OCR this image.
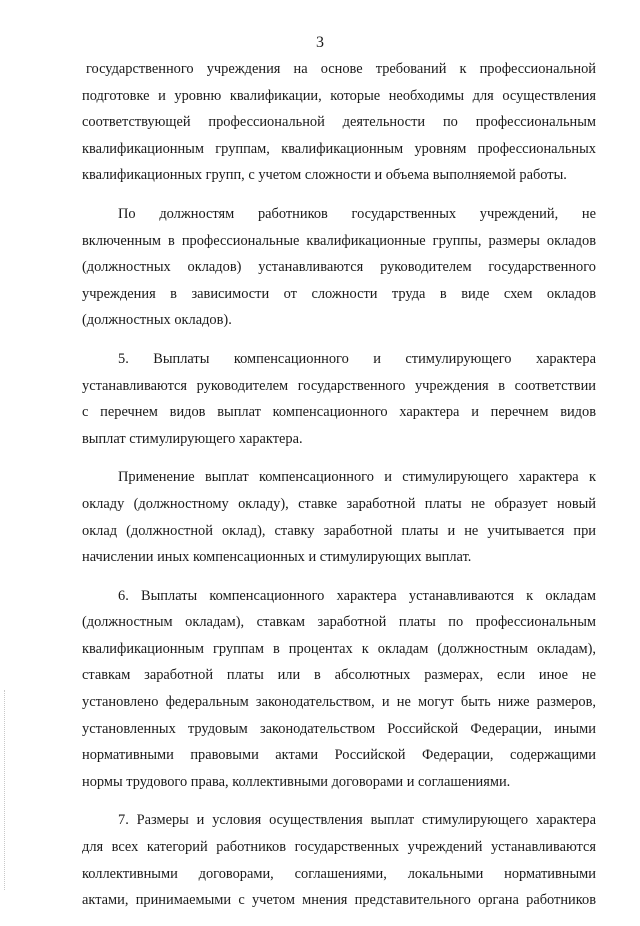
3

государственного учреждения на основе требований к профессиональной
подготовке и уровню квалификации, которые необходимы для осуществления
соответствующей профессиональной деятельности по профессиональным
квалификационным группам, квалификационным уровням профессиональных
квалификационных групп, с учетом сложности и объема выполняемой работы.

По должностям работников государственных учреждений, не
включенным в профессиональные квалификационные группы, размеры окладов
(должностных окладов) устанавливаются руководителем государственного
учреждения в зависимости от сложности труда в виде схем окладов
(должностных окладов).

5. Выплаты компенсационного и стимулирующего характера
устанавливаются руководителем государственного учреждения в соответствии
с перечнем видов выплат компенсационного характера и перечнем видов
выплат стимулирующего характера.

Применение выплат компенсационного и стимулирующего характера к
окладу (должностному окладу), ставке заработной платы не образует новый
оклад (должностной оклад), ставку заработной платы и не учитывается при
начислении иных компенсационных и стимулирующих выплат.

6. Выплаты компенсационного характера устанавливаются к окладам
(должностным окладам), ставкам заработной платы по профессиональным
квалификационным группам в процентах к окладам (должностным окладам),
ставкам заработной платы или в абсолютных размерах, если иное не
установлено федеральным законодательством, и не могут быть ниже размеров,
установленных трудовым законодательством Российской Федерации, иными
нормативными правовыми актами Российской Федерации, содержащими
нормы трудового права, коллективными договорами и соглашениями.

7. Размеры и условия осуществления выплат стимулирующего характера
для всех категорий работников государственных учреждений устанавливаются
коллективными договорами, соглашениями, локальными нормативными
актами, принимаемыми с учетом мнения представительного органа работников
